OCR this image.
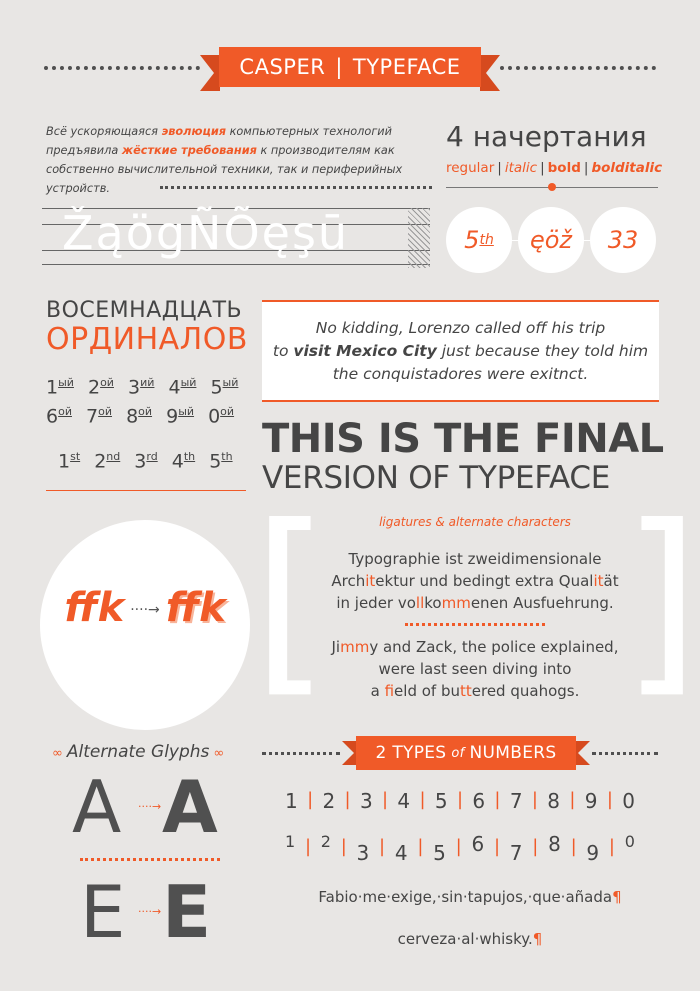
CASPER | TYPEFACE

Всё ускоряющаяся эволюция компьютерных технологий предъявила жёсткие требования к производителям как собственно вычислительной техники, так и периферийных устройств.

4 начертания
regular | italic | bold | bolditalic
ŽąögÑÕęşū	5 th ęöž 33
ВОСЕМНАДЦАТЬ
ОРДИНАЛОВ
$1^{ый}$ $2^{ой}$ $3^{ий}$ $4^{ый}$ $5^{ый}$
$6^{ой}$ $7^{ой}$ $8^{ой}$ $9^{ый}$ $0^{ой}$
1st 2nd 3rd 4th 5th
No kidding, Lorenzo called off his trip
to visit Mexico City just because they told him
the conquistadores were exitnct.
THIS IS THE FINAL
VERSION OF TYPEFACE
ffk ····→ ffk [ ]
ligatures & alternate characters
Typographie ist zweidimensionale
Architektur und bedingt extra Qualität
in jeder vollkommenen Ausfuehrung.
Jimmy and Zack, the police explained,
were last seen diving into
a field of buttered quahogs.
∞ Alternate Glyphs ∞
A ····→ A
E ····→ E
2 TYPES of NUMBERS
1 | 2 | 3 | 4 | 5 | 6 | 7 | 8 | 9 | 0
1 | 2 | 3 | 4 | 5 | 6 | 7 | 8 | 9 | 0
Fabio·me·exige,·sin·tapujos,·que·añada¶
cerveza·al·whisky.¶
